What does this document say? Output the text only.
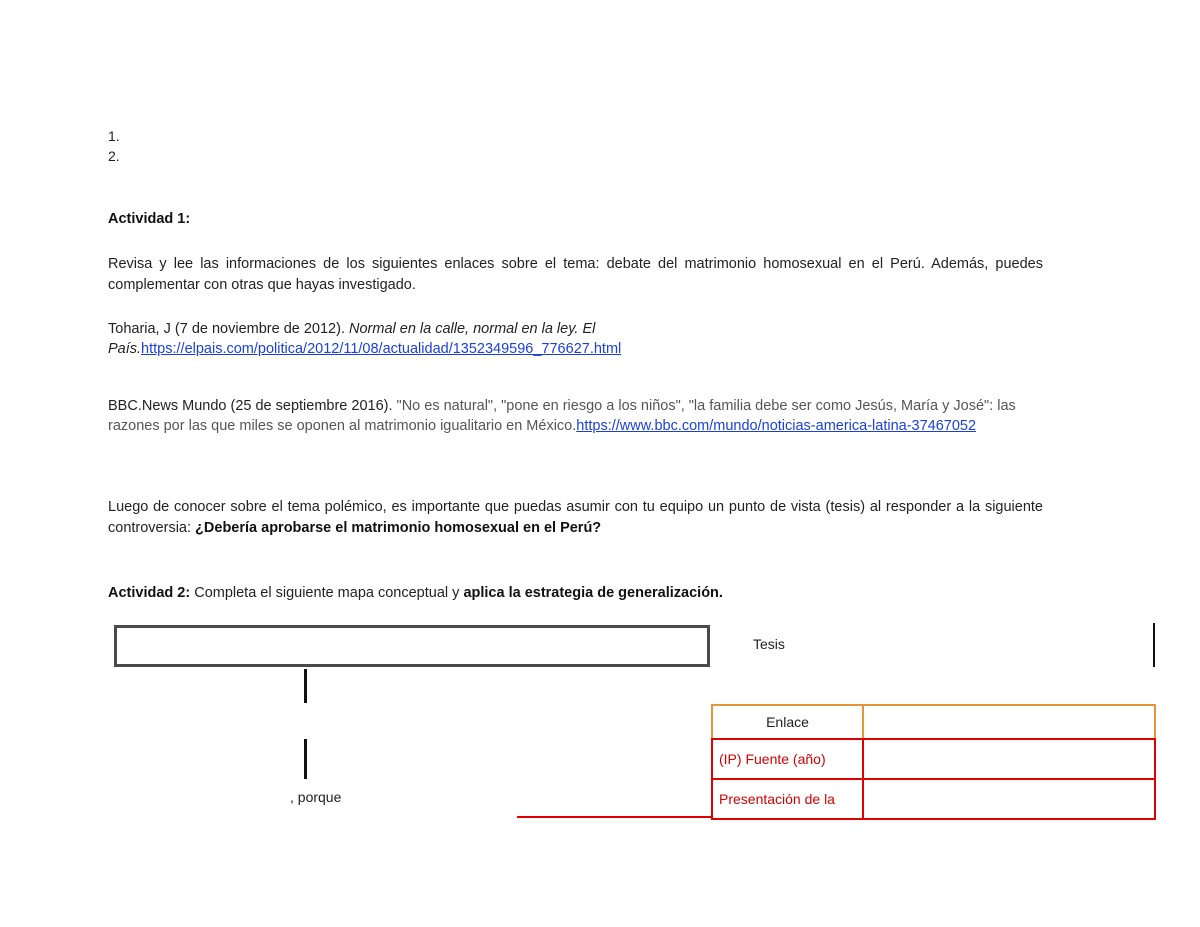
1.
2.
Actividad 1:
Revisa y lee las informaciones de los siguientes enlaces sobre el tema: debate del matrimonio homosexual en el Perú. Además, puedes complementar con otras que hayas investigado.
Toharia, J (7 de noviembre de 2012). Normal en la calle, normal en la ley. El País.https://elpais.com/politica/2012/11/08/actualidad/1352349596_776627.html
BBC.News Mundo (25 de septiembre 2016). "No es natural", "pone en riesgo a los niños", "la familia debe ser como Jesús, María y José": las razones por las que miles se oponen al matrimonio igualitario en México.https://www.bbc.com/mundo/noticias-america-latina-37467052
Luego de conocer sobre el tema polémico, es importante que puedas asumir con tu equipo un punto de vista (tesis) al responder a la siguiente controversia: ¿Debería aprobarse el matrimonio homosexual en el Perú?
Actividad 2: Completa el siguiente mapa conceptual y aplica la estrategia de generalización.
Tesis
, porque
Enlace
(IP) Fuente (año)
Presentación de la
